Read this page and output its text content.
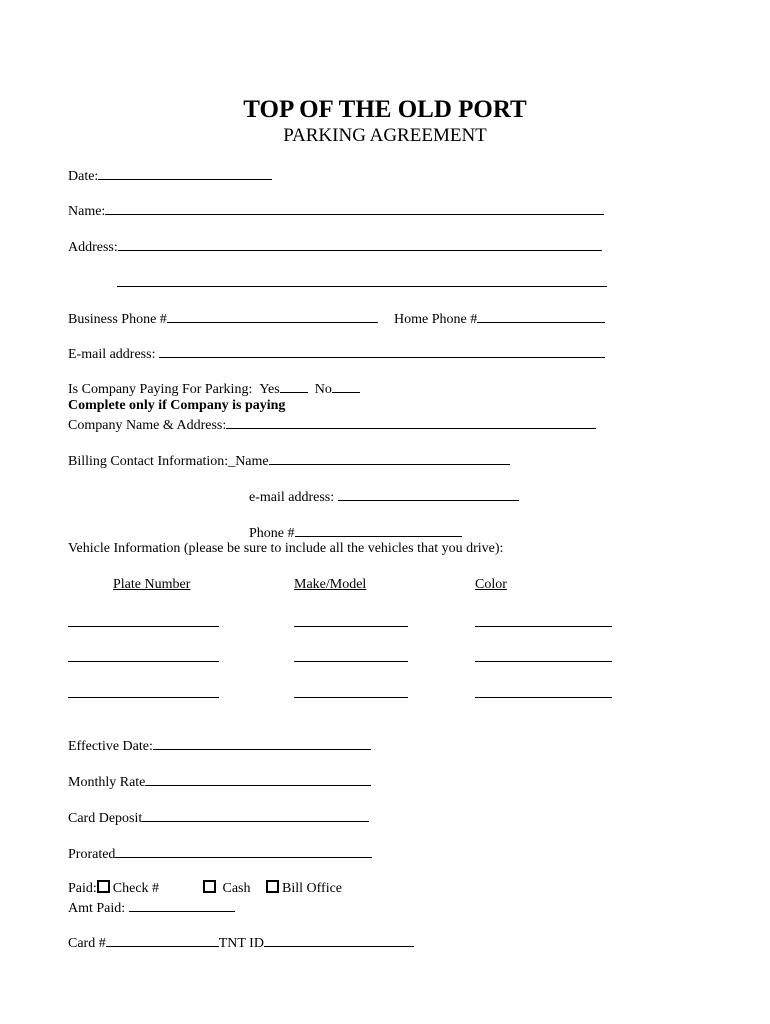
TOP OF THE OLD PORT
PARKING AGREEMENT
Date:
Name:
Address:
Business Phone #	Home Phone #
E-mail address:
Is Company Paying For Parking: Yes	No
Complete only if Company is paying
Company Name & Address:
Billing Contact Information:_Name
e-mail address:
Phone #
Vehicle Information (please be sure to include all the vehicles that you drive):
Plate Number	Make/Model	Color
Effective Date:
Monthly Rate
Card Deposit
Prorated
Paid: Check #	Cash	Bill Office
Amt Paid:
Card #	TNT ID
